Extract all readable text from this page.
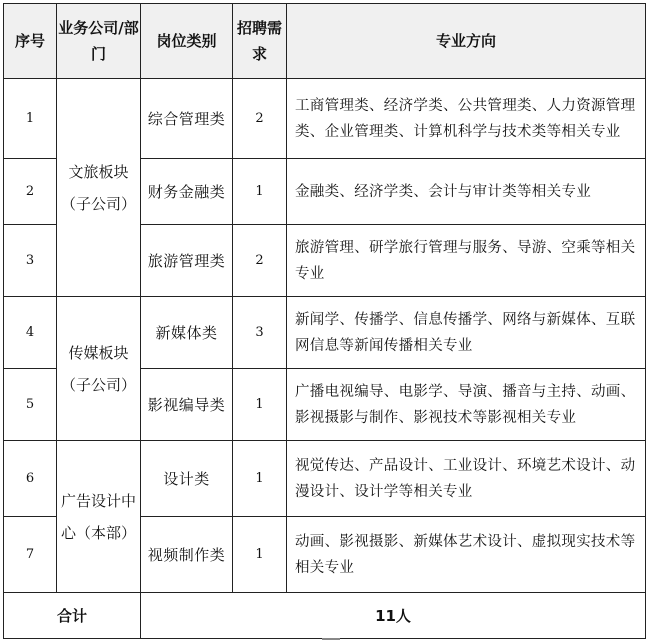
序号	业务公司/部门	岗位类别	招聘需求	专业方向
1	文旅板块（子公司）	综合管理类	2	工商管理类、经济学类、公共管理类、人力资源管理类、企业管理类、计算机科学与技术类等相关专业
2		财务金融类	1	金融类、经济学类、会计与审计类等相关专业
3		旅游管理类	2	旅游管理、研学旅行管理与服务、导游、空乘等相关专业
4	传媒板块（子公司）	新媒体类	3	新闻学、传播学、信息传播学、网络与新媒体、互联网信息等新闻传播相关专业
5		影视编导类	1	广播电视编导、电影学、导演、播音与主持、动画、影视摄影与制作、影视技术等影视相关专业
6	广告设计中心（本部）	设计类	1	视觉传达、产品设计、工业设计、环境艺术设计、动漫设计、设计学等相关专业
7		视频制作类	1	动画、影视摄影、新媒体艺术设计、虚拟现实技术等相关专业
合计		11人		
